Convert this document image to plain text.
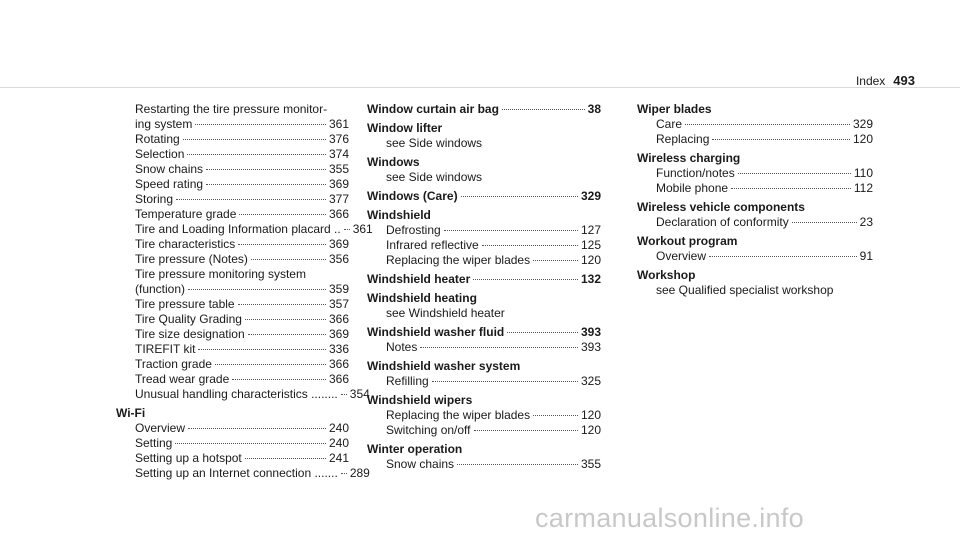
Index 493
Restarting the tire pressure monitor-
ing system	361
Rotating	376
Selection	374
Snow chains	355
Speed rating	369
Storing	377
Temperature grade	366
Tire and Loading Information placard .. 361
Tire characteristics	369
Tire pressure (Notes)	356
Tire pressure monitoring system
(function)	359
Tire pressure table	357
Tire Quality Grading	366
Tire size designation	369
TIREFIT kit	336
Traction grade	366
Tread wear grade	366
Unusual handling characteristics ........ 354
Wi-Fi
Overview	240
Setting	240
Setting up a hotspot	241
Setting up an Internet connection ....... 289
Window curtain air bag	38
Window lifter
see Side windows
Windows
see Side windows
Windows (Care)	329
Windshield
Defrosting	127
Infrared reflective	125
Replacing the wiper blades	120
Windshield heater	132
Windshield heating
see Windshield heater
Windshield washer fluid	393
Notes	393
Windshield washer system
Refilling	325
Windshield wipers
Replacing the wiper blades	120
Switching on/off	120
Winter operation
Snow chains	355
Wiper blades
Care	329
Replacing	120
Wireless charging
Function/notes	110
Mobile phone	112
Wireless vehicle components
Declaration of conformity	23
Workout program
Overview	91
Workshop
see Qualified specialist workshop
carmanualsonline.info
